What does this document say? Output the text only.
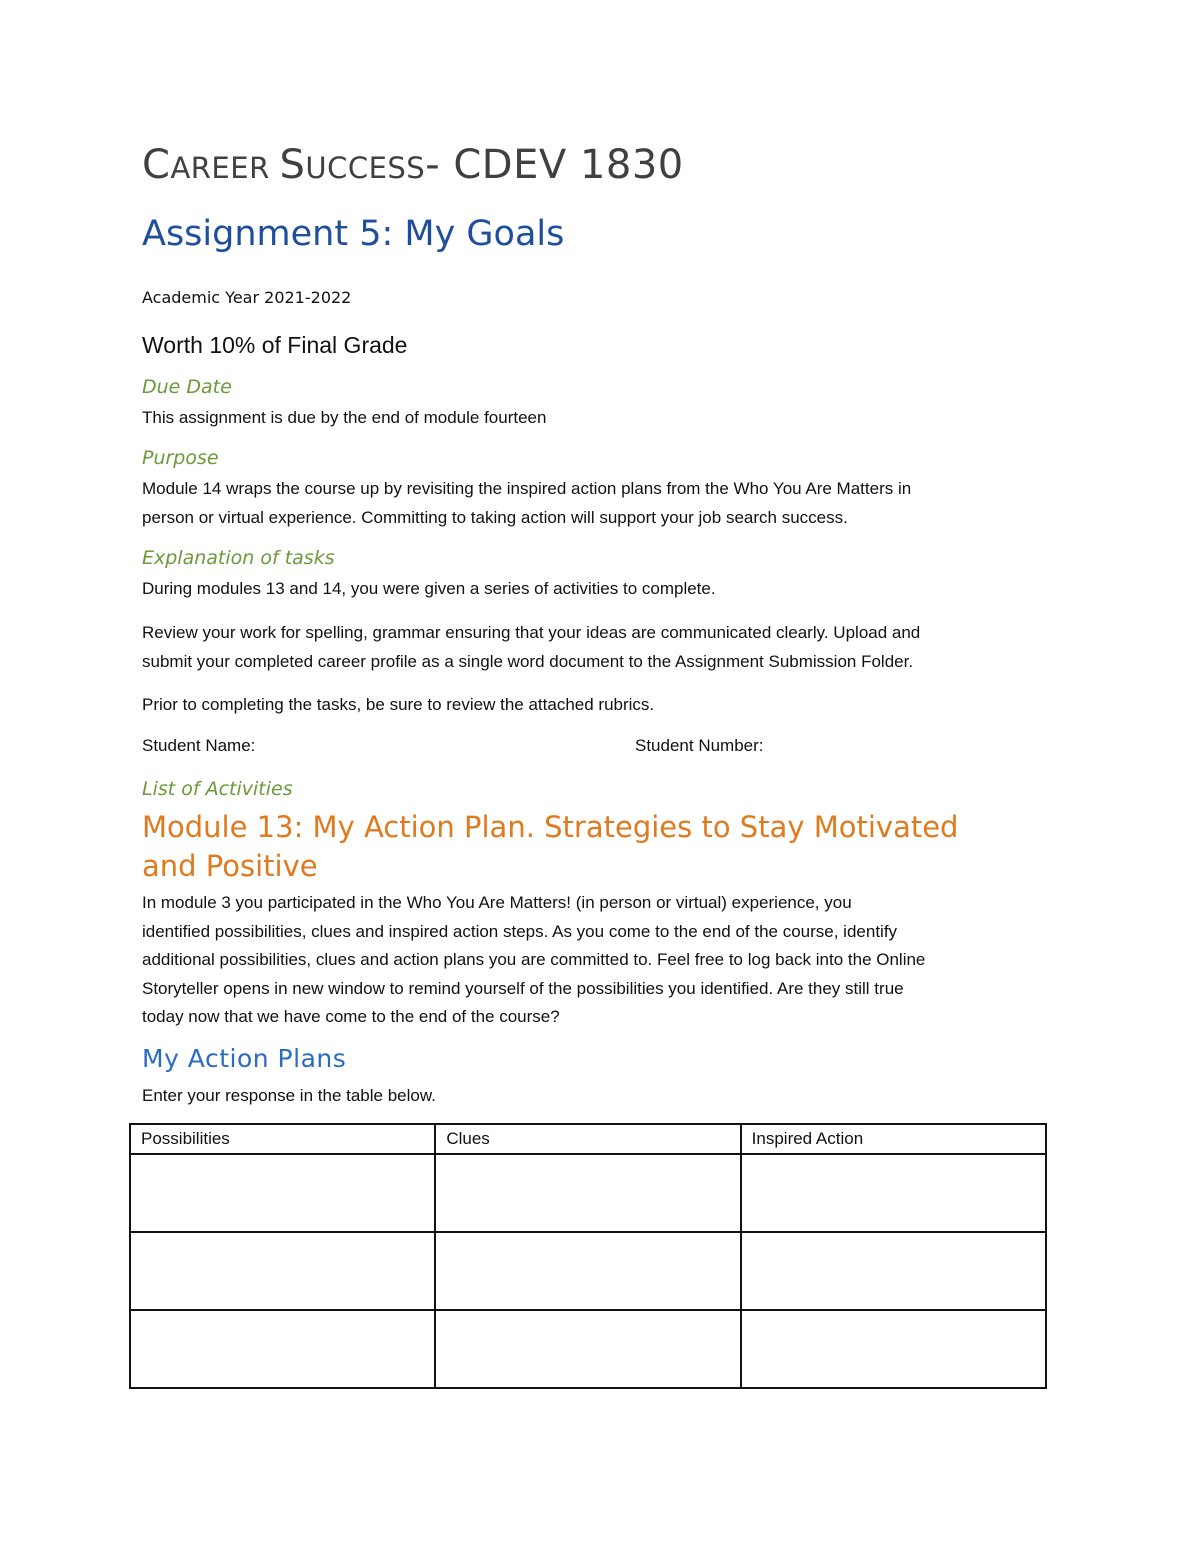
CAREER SUCCESS- CDEV 1830
Assignment 5: My Goals
Academic Year 2021-2022
Worth 10% of Final Grade
Due Date
This assignment is due by the end of module fourteen
Purpose
Module 14 wraps the course up by revisiting the inspired action plans from the Who You Are Matters in
person or virtual experience. Committing to taking action will support your job search success.
Explanation of tasks
During modules 13 and 14, you were given a series of activities to complete.
Review your work for spelling, grammar ensuring that your ideas are communicated clearly. Upload and
submit your completed career profile as a single word document to the Assignment Submission Folder.
Prior to completing the tasks, be sure to review the attached rubrics.
Student Name:	Student Number:
List of Activities
Module 13: My Action Plan. Strategies to Stay Motivated
and Positive
In module 3 you participated in the Who You Are Matters! (in person or virtual) experience, you
identified possibilities, clues and inspired action steps. As you come to the end of the course, identify
additional possibilities, clues and action plans you are committed to. Feel free to log back into the Online
Storyteller opens in new window to remind yourself of the possibilities you identified. Are they still true
today now that we have come to the end of the course?
My Action Plans
Enter your response in the table below.
Possibilities	Clues	Inspired Action
